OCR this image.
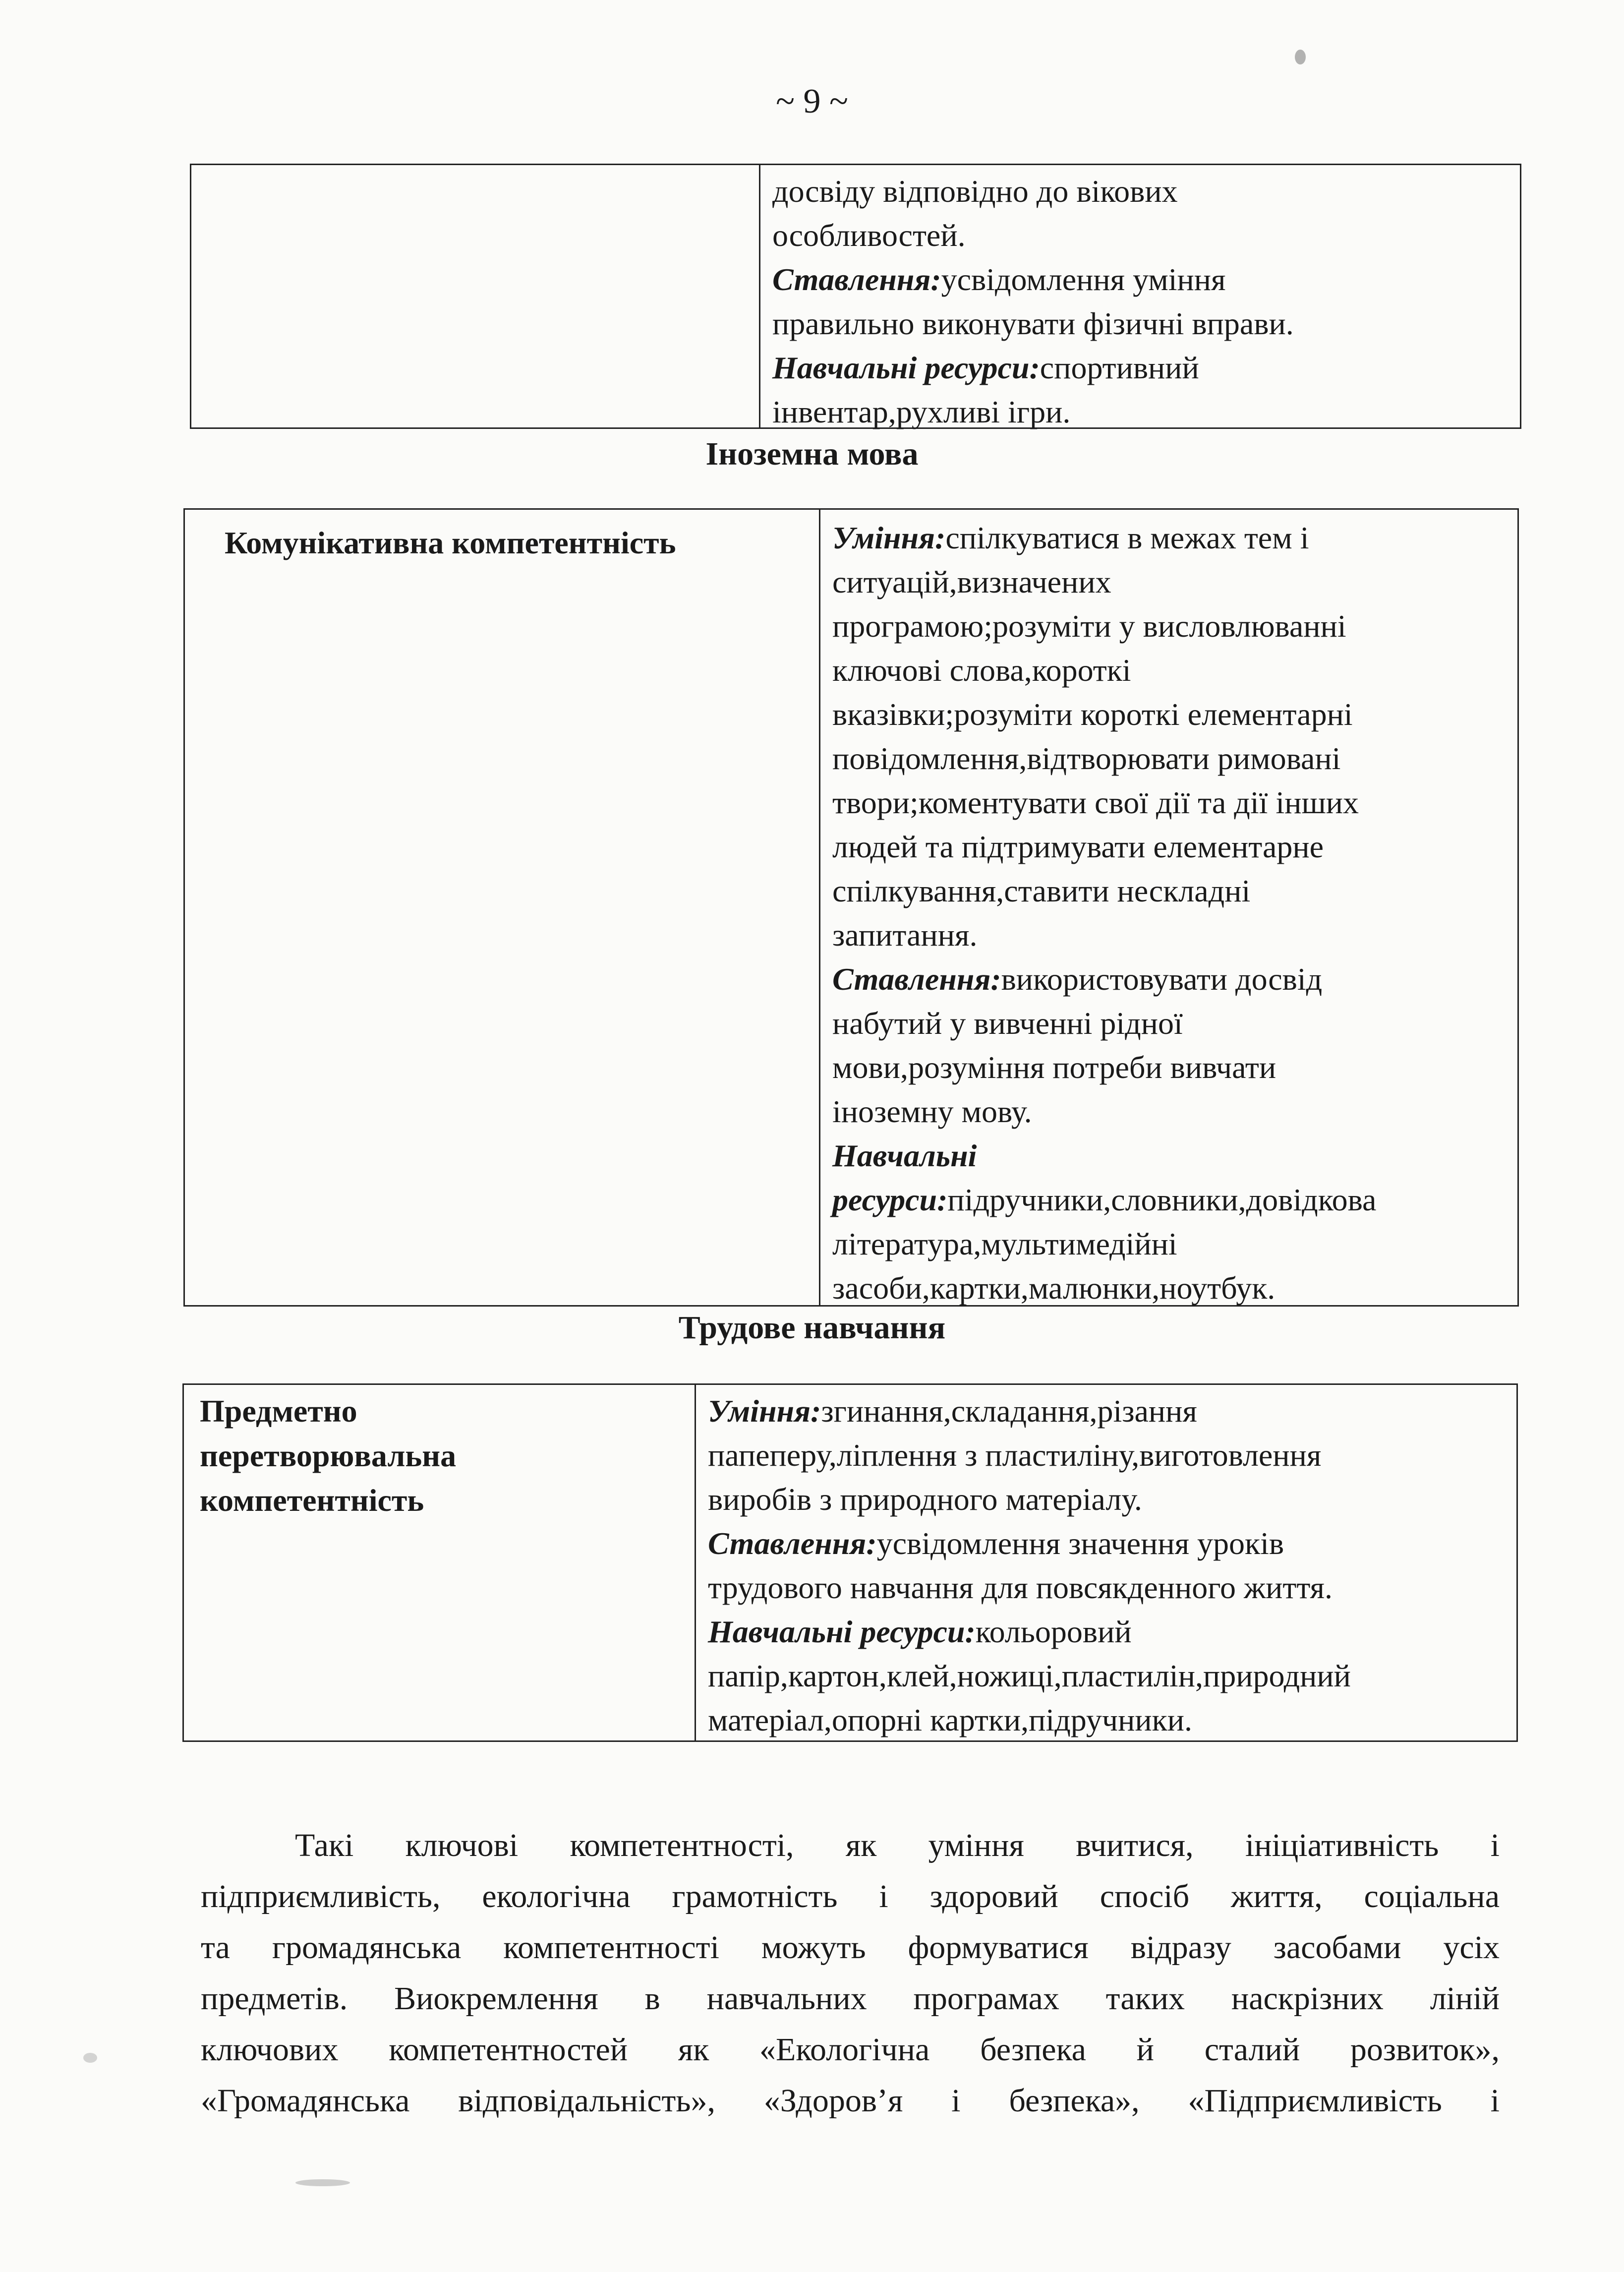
~ 9 ~
досвіду відповідно до вікових
особливостей.
Ставлення:усвідомлення уміння
правильно виконувати фізичні вправи.
Навчальні ресурси:спортивний
інвентар,рухливі ігри.
Іноземна мова
Комунікативна компетентність	Уміння:спілкуватися в межах тем і
ситуацій,визначених
програмою;розуміти у висловлюванні
ключові слова,короткі
вказівки;розуміти короткі елементарні
повідомлення,відтворювати римовані
твори;коментувати свої дії та дії інших
людей та підтримувати елементарне
спілкування,ставити нескладні
запитання.
Ставлення:використовувати досвід
набутий у вивченні рідної
мови,розуміння потреби вивчати
іноземну мову.
Навчальні
ресурси:підручники,словники,довідкова
література,мультимедійні
засоби,картки,малюнки,ноутбук.
Трудове навчання
Предметно
перетворювальна
компетентність
Уміння:згинання,складання,різання
папеперу,ліплення з пластиліну,виготовлення
виробів з природного матеріалу.
Ставлення:усвідомлення значення уроків
трудового навчання для повсякденного життя.
Навчальні ресурси:кольоровий
папір,картон,клей,ножиці,пластилін,природний
матеріал,опорні картки,підручники.
Такі ключові компетентності, як уміння вчитися, ініціативність і
підприємливість, екологічна грамотність і здоровий спосіб життя, соціальна
та громадянська компетентності можуть формуватися відразу засобами усіх
предметів. Виокремлення в навчальних програмах таких наскрізних ліній
ключових компетентностей як «Екологічна безпека й сталий розвиток»,
«Громадянська відповідальність», «Здоров’я і безпека», «Підприємливість і
